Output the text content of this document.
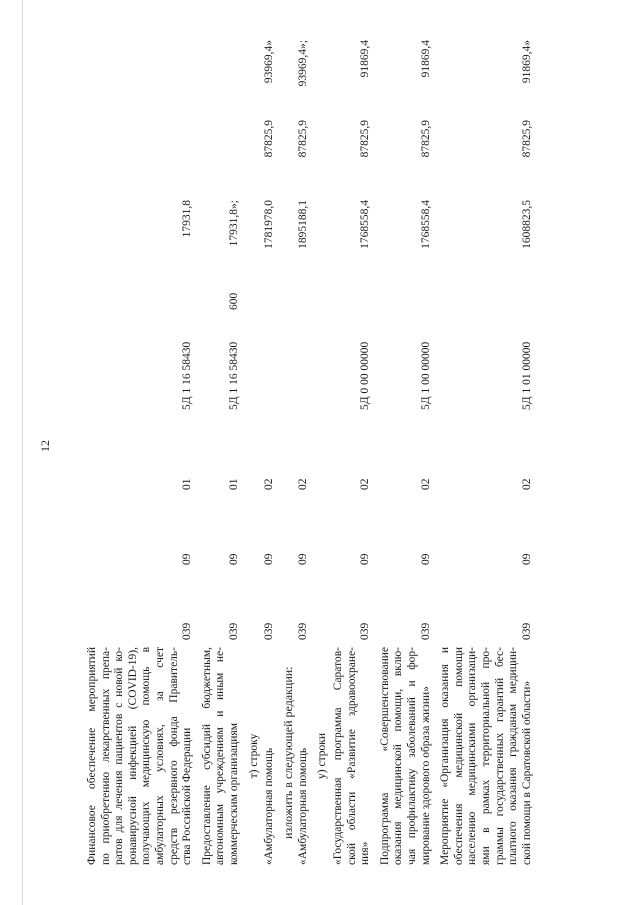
12
Финансовое обеспечение мероприятий по приобретению лекарственных препа- ратов для лечения пациентов с новой ко- ронавирусной инфекцией (COVID-19), получающих медицинскую помощь в амбулаторных условиях, за счет средств резервного фонда Правитель- ства Российской Федерации
039
09
01
5Д 1 16 58430
17931,8
Предоставление субсидий бюджетным, автономным учреждениям и иным не- коммерческим организациям
039
09
01
5Д 1 16 58430
600
17931,8»;
т) строку «Амбулаторная помощь
039
09
02
1781978,0
87825,9
93969,4»
изложить в следующей редакции: «Амбулаторная помощь
039
09
02
1895188,1
87825,9
93969,4»;
у) строки «Государственная программа Саратов- ской области «Развитие здравоохране- ния»
039
09
02
5Д 0 00 00000
1768558,4
87825,9
91869,4
Подпрограмма «Совершенствование оказания медицинской помощи, вклю- чая профилактику заболеваний и фор- мирование здорового образа жизни»
039
09
02
5Д 1 00 00000
1768558,4
87825,9
91869,4
Мероприятие «Организация оказания и обеспечения медицинской помощи населению медицинскими организаци- ями в рамках территориальной про- граммы государственных гарантий бес- платного оказания гражданам медицин- ской помощи в Саратовской области»
039
09
02
5Д 1 01 00000
1608823,5
87825,9
91869,4»
